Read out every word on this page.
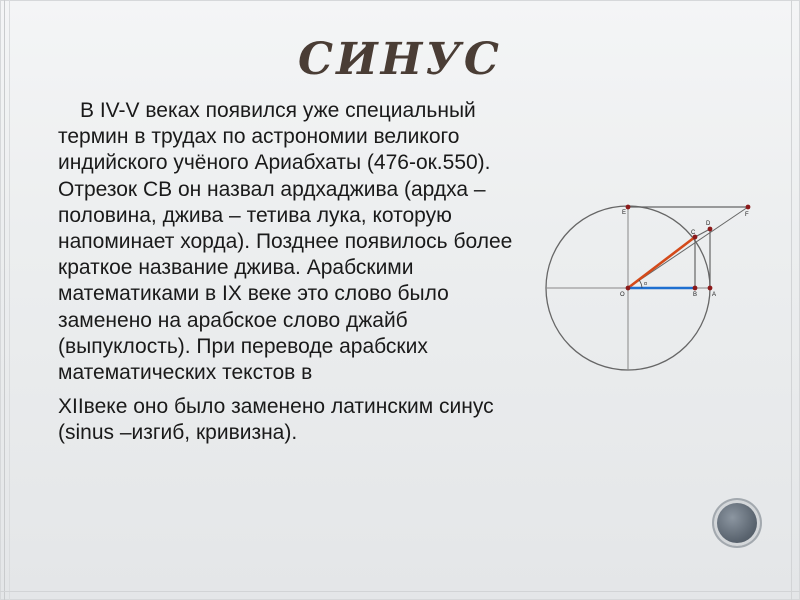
СИНУС

В IV-V веках появился уже специальный термин в трудах по астрономии великого индийского учёного Ариабхаты (476-ок.550). Отрезок СВ он назвал ардхаджива (ардха –половина, джива – тетива лука, которую напоминает хорда). Позднее появилось более краткое название джива. Арабскими математиками в IX веке это слово было заменено на арабское слово джайб (выпуклость). При переводе арабских математических текстов в

XIIвеке оно было заменено латинским синус (sinus –изгиб, кривизна).

O
C
B A
D
E	F
α
